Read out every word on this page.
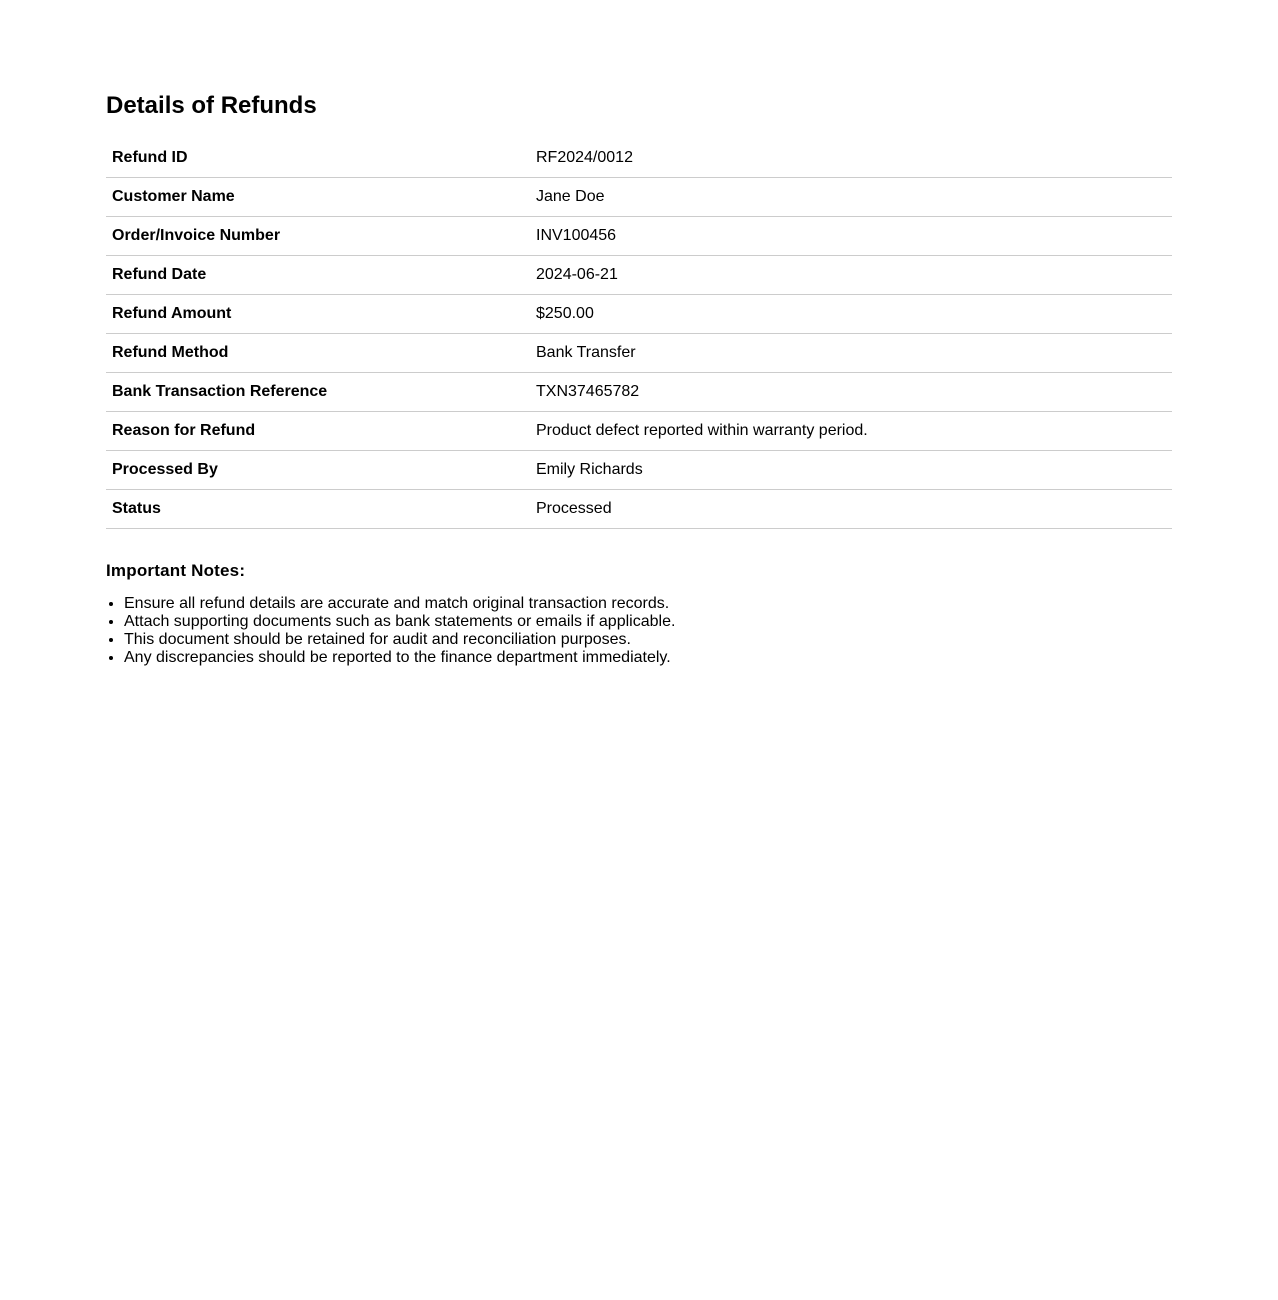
Details of Refunds
Refund ID	RF2024/0012
Customer Name	Jane Doe
Order/Invoice Number	INV100456
Refund Date	2024-06-21
Refund Amount	$250.00
Refund Method	Bank Transfer
Bank Transaction Reference	TXN37465782
Reason for Refund	Product defect reported within warranty period.
Processed By	Emily Richards
Status	Processed
Important Notes:
• Ensure all refund details are accurate and match original transaction records.
• Attach supporting documents such as bank statements or emails if applicable.
• This document should be retained for audit and reconciliation purposes.
• Any discrepancies should be reported to the finance department immediately.
